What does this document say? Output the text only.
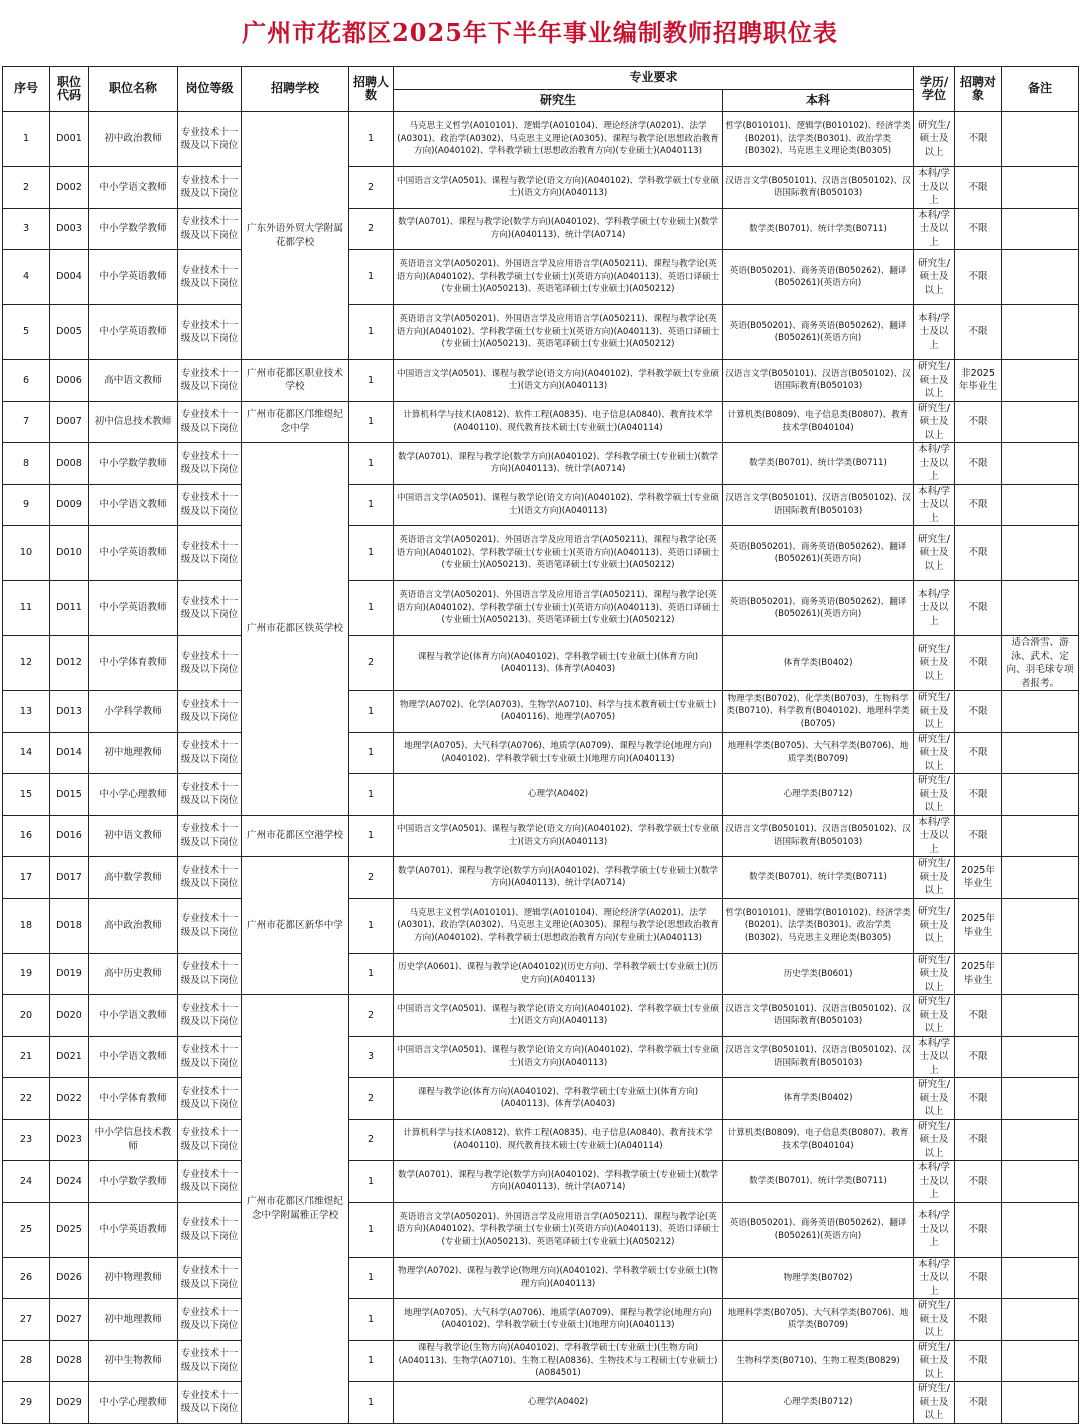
广州市花都区2025年下半年事业编制教师招聘职位表
序号	职位代码	职位名称	岗位等级	招聘学校	招聘人数	专业要求		学历/学位	招聘对象	备注
						研究生	本科			
1	D001	初中政治教师	专业技术十一级及以下岗位	广东外语外贸大学附属花都学校	1	马克思主义哲学(A010101)、逻辑学(A010104)、理论经济学(A0201)、法学(A0301)、政治学(A0302)、马克思主义理论(A0305)、课程与教学论(思想政治教育方向)(A040102)、学科教学硕士(思想政治教育方向)(专业硕士)(A040113)	哲学(B010101)、逻辑学(B010102)、经济学类(B0201)、法学类(B0301)、政治学类(B0302)、马克思主义理论类(B0305)	研究生/硕士及以上	不限	
2	D002	中小学语文教师	专业技术十一级及以下岗位		2	中国语言文学(A0501)、课程与教学论(语文方向)(A040102)、学科教学硕士(专业硕士)(语文方向)(A040113)	汉语言文学(B050101)、汉语言(B050102)、汉语国际教育(B050103)	本科/学士及以上	不限	
3	D003	中小学数学教师	专业技术十一级及以下岗位		2	数学(A0701)、课程与教学论(数学方向)(A040102)、学科教学硕士(专业硕士)(数学方向)(A040113)、统计学(A0714)	数学类(B0701)、统计学类(B0711)	本科/学士及以上	不限	
4	D004	中小学英语教师	专业技术十一级及以下岗位		1	英语语言文学(A050201)、外国语言学及应用语言学(A050211)、课程与教学论(英语方向)(A040102)、学科教学硕士(专业硕士)(英语方向)(A040113)、英语口译硕士(专业硕士)(A050213)、英语笔译硕士(专业硕士)(A050212)	英语(B050201)、商务英语(B050262)、翻译(B050261)(英语方向)	研究生/硕士及以上	不限	
5	D005	中小学英语教师	专业技术十一级及以下岗位		1	英语语言文学(A050201)、外国语言学及应用语言学(A050211)、课程与教学论(英语方向)(A040102)、学科教学硕士(专业硕士)(英语方向)(A040113)、英语口译硕士(专业硕士)(A050213)、英语笔译硕士(专业硕士)(A050212)	英语(B050201)、商务英语(B050262)、翻译(B050261)(英语方向)	本科/学士及以上	不限	
6	D006	高中语文教师	专业技术十一级及以下岗位	广州市花都区职业技术学校	1	中国语言文学(A0501)、课程与教学论(语文方向)(A040102)、学科教学硕士(专业硕士)(语文方向)(A040113)	汉语言文学(B050101)、汉语言(B050102)、汉语国际教育(B050103)	研究生/硕士及以上	非2025年毕业生	
7	D007	初中信息技术教师	专业技术十一级及以下岗位	广州市花都区邝维煜纪念中学	1	计算机科学与技术(A0812)、软件工程(A0835)、电子信息(A0840)、教育技术学(A040110)、现代教育技术硕士(专业硕士)(A040114)	计算机类(B0809)、电子信息类(B0807)、教育技术学(B040104)	研究生/硕士及以上	不限	
8	D008	中小学数学教师	专业技术十一级及以下岗位	广州市花都区铁英学校	1	数学(A0701)、课程与教学论(数学方向)(A040102)、学科教学硕士(专业硕士)(数学方向)(A040113)、统计学(A0714)	数学类(B0701)、统计学类(B0711)	本科/学士及以上	不限	
9	D009	中小学语文教师	专业技术十一级及以下岗位		1	中国语言文学(A0501)、课程与教学论(语文方向)(A040102)、学科教学硕士(专业硕士)(语文方向)(A040113)	汉语言文学(B050101)、汉语言(B050102)、汉语国际教育(B050103)	本科/学士及以上	不限	
10	D010	中小学英语教师	专业技术十一级及以下岗位		1	英语语言文学(A050201)、外国语言学及应用语言学(A050211)、课程与教学论(英语方向)(A040102)、学科教学硕士(专业硕士)(英语方向)(A040113)、英语口译硕士(专业硕士)(A050213)、英语笔译硕士(专业硕士)(A050212)	英语(B050201)、商务英语(B050262)、翻译(B050261)(英语方向)	研究生/硕士及以上	不限	
11	D011	中小学英语教师	专业技术十一级及以下岗位		1	英语语言文学(A050201)、外国语言学及应用语言学(A050211)、课程与教学论(英语方向)(A040102)、学科教学硕士(专业硕士)(英语方向)(A040113)、英语口译硕士(专业硕士)(A050213)、英语笔译硕士(专业硕士)(A050212)	英语(B050201)、商务英语(B050262)、翻译(B050261)(英语方向)	本科/学士及以上	不限	
12	D012	中小学体育教师	专业技术十一级及以下岗位		2	课程与教学论(体育方向)(A040102)、学科教学硕士(专业硕士)(体育方向)(A040113)、体育学(A0403)	体育学类(B0402)	研究生/硕士及以上	不限	适合滑雪、游泳、武术、定向、羽毛球专项者报考。
13	D013	小学科学教师	专业技术十一级及以下岗位		1	物理学(A0702)、化学(A0703)、生物学(A0710)、科学与技术教育硕士(专业硕士)(A040116)、地理学(A0705)	物理学类(B0702)、化学类(B0703)、生物科学类(B0710)、科学教育(B040102)、地理科学类(B0705)	研究生/硕士及以上	不限	
14	D014	初中地理教师	专业技术十一级及以下岗位		1	地理学(A0705)、大气科学(A0706)、地质学(A0709)、课程与教学论(地理方向)(A040102)、学科教学硕士(专业硕士)(地理方向)(A040113)	地理科学类(B0705)、大气科学类(B0706)、地质学类(B0709)	研究生/硕士及以上	不限	
15	D015	中小学心理教师	专业技术十一级及以下岗位		1	心理学(A0402)	心理学类(B0712)	研究生/硕士及以上	不限	
16	D016	初中语文教师	专业技术十一级及以下岗位	广州市花都区空港学校	1	中国语言文学(A0501)、课程与教学论(语文方向)(A040102)、学科教学硕士(专业硕士)(语文方向)(A040113)	汉语言文学(B050101)、汉语言(B050102)、汉语国际教育(B050103)	本科/学士及以上	不限	
17	D017	高中数学教师	专业技术十一级及以下岗位	广州市花都区新华中学	2	数学(A0701)、课程与教学论(数学方向)(A040102)、学科教学硕士(专业硕士)(数学方向)(A040113)、统计学(A0714)	数学类(B0701)、统计学类(B0711)	研究生/硕士及以上	2025年毕业生	
18	D018	高中政治教师	专业技术十一级及以下岗位		1	马克思主义哲学(A010101)、逻辑学(A010104)、理论经济学(A0201)、法学(A0301)、政治学(A0302)、马克思主义理论(A0305)、课程与教学论(思想政治教育方向)(A040102)、学科教学硕士(思想政治教育方向)(专业硕士)(A040113)	哲学(B010101)、逻辑学(B010102)、经济学类(B0201)、法学类(B0301)、政治学类(B0302)、马克思主义理论类(B0305)	研究生/硕士及以上	2025年毕业生	
19	D019	高中历史教师	专业技术十一级及以下岗位		1	历史学(A0601)、课程与教学论(A040102)(历史方向)、学科教学硕士(专业硕士)(历史方向)(A040113)	历史学类(B0601)	研究生/硕士及以上	2025年毕业生	
20	D020	中小学语文教师	专业技术十一级及以下岗位	广州市花都区邝维煜纪念中学附属雅正学校	2	中国语言文学(A0501)、课程与教学论(语文方向)(A040102)、学科教学硕士(专业硕士)(语文方向)(A040113)	汉语言文学(B050101)、汉语言(B050102)、汉语国际教育(B050103)	研究生/硕士及以上	不限	
21	D021	中小学语文教师	专业技术十一级及以下岗位		3	中国语言文学(A0501)、课程与教学论(语文方向)(A040102)、学科教学硕士(专业硕士)(语文方向)(A040113)	汉语言文学(B050101)、汉语言(B050102)、汉语国际教育(B050103)	本科/学士及以上	不限	
22	D022	中小学体育教师	专业技术十一级及以下岗位		2	课程与教学论(体育方向)(A040102)、学科教学硕士(专业硕士)(体育方向)(A040113)、体育学(A0403)	体育学类(B0402)	研究生/硕士及以上	不限	
23	D023	中小学信息技术教师	专业技术十一级及以下岗位		2	计算机科学与技术(A0812)、软件工程(A0835)、电子信息(A0840)、教育技术学(A040110)、现代教育技术硕士(专业硕士)(A040114)	计算机类(B0809)、电子信息类(B0807)、教育技术学(B040104)	研究生/硕士及以上	不限	
24	D024	中小学数学教师	专业技术十一级及以下岗位		1	数学(A0701)、课程与教学论(数学方向)(A040102)、学科教学硕士(专业硕士)(数学方向)(A040113)、统计学(A0714)	数学类(B0701)、统计学类(B0711)	本科/学士及以上	不限	
25	D025	中小学英语教师	专业技术十一级及以下岗位		1	英语语言文学(A050201)、外国语言学及应用语言学(A050211)、课程与教学论(英语方向)(A040102)、学科教学硕士(专业硕士)(英语方向)(A040113)、英语口译硕士(专业硕士)(A050213)、英语笔译硕士(专业硕士)(A050212)	英语(B050201)、商务英语(B050262)、翻译(B050261)(英语方向)	本科/学士及以上	不限	
26	D026	初中物理教师	专业技术十一级及以下岗位		1	物理学(A0702)、课程与教学论(物理方向)(A040102)、学科教学硕士(专业硕士)(物理方向)(A040113)	物理学类(B0702)	本科/学士及以上	不限	
27	D027	初中地理教师	专业技术十一级及以下岗位		1	地理学(A0705)、大气科学(A0706)、地质学(A0709)、课程与教学论(地理方向)(A040102)、学科教学硕士(专业硕士)(地理方向)(A040113)	地理科学类(B0705)、大气科学类(B0706)、地质学类(B0709)	研究生/硕士及以上	不限	
28	D028	初中生物教师	专业技术十一级及以下岗位		1	课程与教学论(生物方向)(A040102)、学科教学硕士(专业硕士)(生物方向)(A040113)、生物学(A0710)、生物工程(A0836)、生物技术与工程硕士(专业硕士)(A084501)	生物科学类(B0710)、生物工程类(B0829)	研究生/硕士及以上	不限	
29	D029	中小学心理教师	专业技术十一级及以下岗位		1	心理学(A0402)	心理学类(B0712)	研究生/硕士及以上	不限	
